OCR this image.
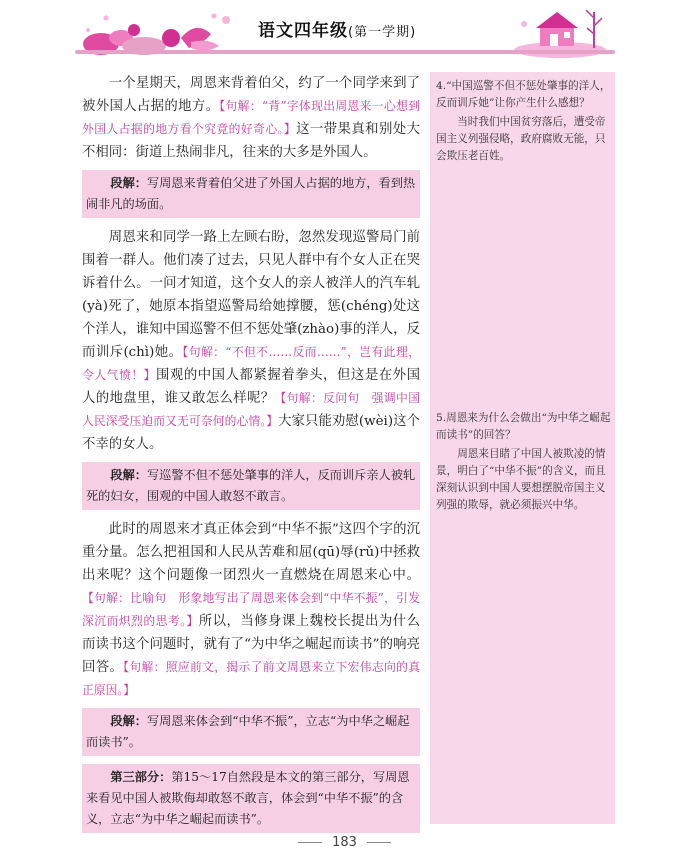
语文四年级(第一学期)

一个星期天，周恩来背着伯父，约了一个同学来到了被外国人占据的地方。【句解：“背”字体现出周恩来一心想到外国人占据的地方看个究竟的好奇心。】这一带果真和别处大不相同：街道上热闹非凡，往来的大多是外国人。

段解：写周恩来背着伯父进了外国人占据的地方，看到热闹非凡的场面。

周恩来和同学一路上左顾右盼，忽然发现巡警局门前围着一群人。他们凑了过去，只见人群中有个女人正在哭诉着什么。一问才知道，这个女人的亲人被洋人的汽车轧(yà)死了，她原本指望巡警局给她撑腰，惩(chéng)处这个洋人，谁知中国巡警不但不惩处肇(zhào)事的洋人，反而训斥(chì)她。【句解：“不但不……反而……”，岂有此理，令人气愤！】围观的中国人都紧握着拳头，但这是在外国人的地盘里，谁又敢怎么样呢？【句解：反问句　强调中国人民深受压迫而又无可奈何的心情。】大家只能劝慰(wèi)这个不幸的女人。

段解：写巡警不但不惩处肇事的洋人，反而训斥亲人被轧死的妇女，围观的中国人敢怒不敢言。

此时的周恩来才真正体会到“中华不振”这四个字的沉重分量。怎么把祖国和人民从苦难和屈(qū)辱(rǔ)中拯救出来呢？这个问题像一团烈火一直燃烧在周恩来心中。【句解：比喻句　形象地写出了周恩来体会到“中华不振”，引发深沉而炽烈的思考。】所以，当修身课上魏校长提出为什么而读书这个问题时，就有了“为中华之崛起而读书”的响亮回答。【句解：照应前文，揭示了前文周恩来立下宏伟志向的真正原因。】

段解：写周恩来体会到“中华不振”，立志“为中华之崛起而读书”。
第三部分：第15～17自然段是本文的第三部分，写周恩来看见中国人被欺侮却敢怒不敢言，体会到“中华不振”的含义，立志“为中华之崛起而读书”。

4.“中国巡警不但不惩处肇事的洋人，反而训斥她”让你产生什么感想？

当时我们中国贫穷落后，遭受帝国主义列强侵略，政府腐败无能，只会欺压老百姓。

5.周恩来为什么会做出“为中华之崛起而读书”的回答？

周恩来目睹了中国人被欺凌的情景，明白了“中华不振”的含义，而且深刻认识到中国人要想摆脱帝国主义列强的欺辱，就必须振兴中华。

183
